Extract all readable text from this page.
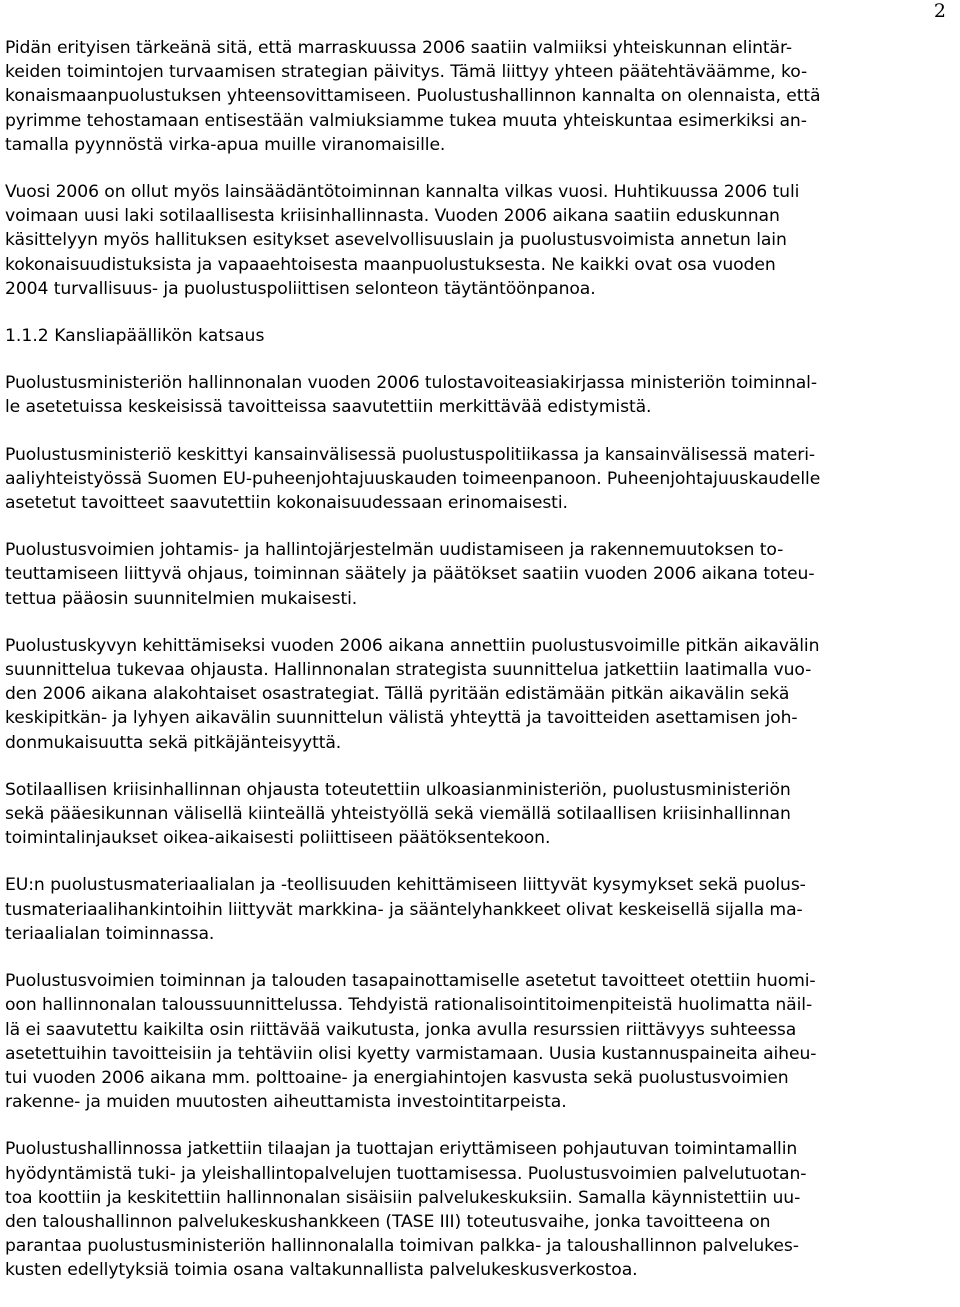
2

Pidän erityisen tärkeänä sitä, että marraskuussa 2006 saatiin valmiiksi yhteiskunnan elintär-
keiden toimintojen turvaamisen strategian päivitys. Tämä liittyy yhteen päätehtäväämme, ko-
konaismaanpuolustuksen yhteensovittamiseen. Puolustushallinnon kannalta on olennaista, että
pyrimme tehostamaan entisestään valmiuksiamme tukea muuta yhteiskuntaa esimerkiksi an-
tamalla pyynnöstä virka-apua muille viranomaisille.

Vuosi 2006 on ollut myös lainsäädäntötoiminnan kannalta vilkas vuosi. Huhtikuussa 2006 tuli
voimaan uusi laki sotilaallisesta kriisinhallinnasta. Vuoden 2006 aikana saatiin eduskunnan
käsittelyyn myös hallituksen esitykset asevelvollisuuslain ja puolustusvoimista annetun lain
kokonaisuudistuksista ja vapaaehtoisesta maanpuolustuksesta. Ne kaikki ovat osa vuoden
2004 turvallisuus- ja puolustuspoliittisen selonteon täytäntöönpanoa.

1.1.2 Kansliapäällikön katsaus

Puolustusministeriön hallinnonalan vuoden 2006 tulostavoiteasiakirjassa ministeriön toiminnal-
le asetetuissa keskeisissä tavoitteissa saavutettiin merkittävää edistymistä.

Puolustusministeriö keskittyi kansainvälisessä puolustuspolitiikassa ja kansainvälisessä materi-
aaliyhteistyössä Suomen EU-puheenjohtajuuskauden toimeenpanoon. Puheenjohtajuuskaudelle
asetetut tavoitteet saavutettiin kokonaisuudessaan erinomaisesti.

Puolustusvoimien johtamis- ja hallintojärjestelmän uudistamiseen ja rakennemuutoksen to-
teuttamiseen liittyvä ohjaus, toiminnan säätely ja päätökset saatiin vuoden 2006 aikana toteu-
tettua pääosin suunnitelmien mukaisesti.

Puolustuskyvyn kehittämiseksi vuoden 2006 aikana annettiin puolustusvoimille pitkän aikavälin
suunnittelua tukevaa ohjausta. Hallinnonalan strategista suunnittelua jatkettiin laatimalla vuo-
den 2006 aikana alakohtaiset osastrategiat. Tällä pyritään edistämään pitkän aikavälin sekä
keskipitkän- ja lyhyen aikavälin suunnittelun välistä yhteyttä ja tavoitteiden asettamisen joh-
donmukaisuutta sekä pitkäjänteisyyttä.

Sotilaallisen kriisinhallinnan ohjausta toteutettiin ulkoasianministeriön, puolustusministeriön
sekä pääesikunnan välisellä kiinteällä yhteistyöllä sekä viemällä sotilaallisen kriisinhallinnan
toimintalinjaukset oikea-aikaisesti poliittiseen päätöksentekoon.

EU:n puolustusmateriaalialan ja -teollisuuden kehittämiseen liittyvät kysymykset sekä puolus-
tusmateriaalihankintoihin liittyvät markkina- ja sääntelyhankkeet olivat keskeisellä sijalla ma-
teriaalialan toiminnassa.

Puolustusvoimien toiminnan ja talouden tasapainottamiselle asetetut tavoitteet otettiin huomi-
oon hallinnonalan taloussuunnittelussa. Tehdyistä rationalisointitoimenpiteistä huolimatta näil-
lä ei saavutettu kaikilta osin riittävää vaikutusta, jonka avulla resurssien riittävyys suhteessa
asetettuihin tavoitteisiin ja tehtäviin olisi kyetty varmistamaan. Uusia kustannuspaineita aiheu-
tui vuoden 2006 aikana mm. polttoaine- ja energiahintojen kasvusta sekä puolustusvoimien
rakenne- ja muiden muutosten aiheuttamista investointitarpeista.

Puolustushallinnossa jatkettiin tilaajan ja tuottajan eriyttämiseen pohjautuvan toimintamallin
hyödyntämistä tuki- ja yleishallintopalvelujen tuottamisessa. Puolustusvoimien palvelutuotan-
toa koottiin ja keskitettiin hallinnonalan sisäisiin palvelukeskuksiin. Samalla käynnistettiin uu-
den taloushallinnon palvelukeskushankkeen (TASE III) toteutusvaihe, jonka tavoitteena on
parantaa puolustusministeriön hallinnonalalla toimivan palkka- ja taloushallinnon palvelukes-
kusten edellytyksiä toimia osana valtakunnallista palvelukeskusverkostoa.
